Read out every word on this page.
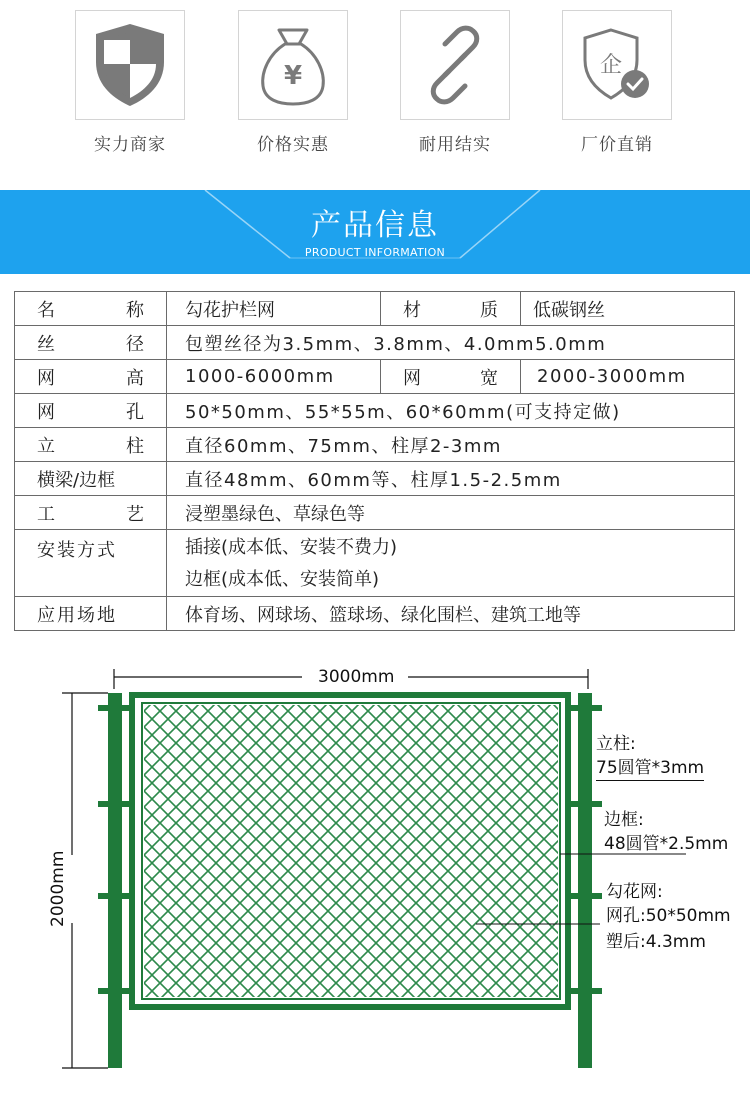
实力商家
¥
价格实惠	耐用结实
企
厂价直销
产品信息
PRODUCT INFORMATION
名 称	勾花护栏网	材 质	低碳钢丝

丝 径	包塑丝径为3.5mm、3.8mm、4.0mm5.0mm		

网 高	1000-6000mm	网 宽	2000-3000mm

网 孔	50*50mm、55*55m、60*60mm(可支持定做)		

立 柱	直径60mm、75mm、柱厚2-3mm		

横梁/边框	直径48mm、60mm等、柱厚1.5-2.5mm		

工 艺	浸塑墨绿色、草绿色等		

安装方式	插接(成本低、安装不费力)
边框(成本低、安装简单)		

应用场地	体育场、网球场、篮球场、绿化围栏、建筑工地等		
3000mm
2000mm
立柱:
75圆管*3mm
边框:
48圆管*2.5mm
勾花网:
网孔:50*50mm
塑后:4.3mm
